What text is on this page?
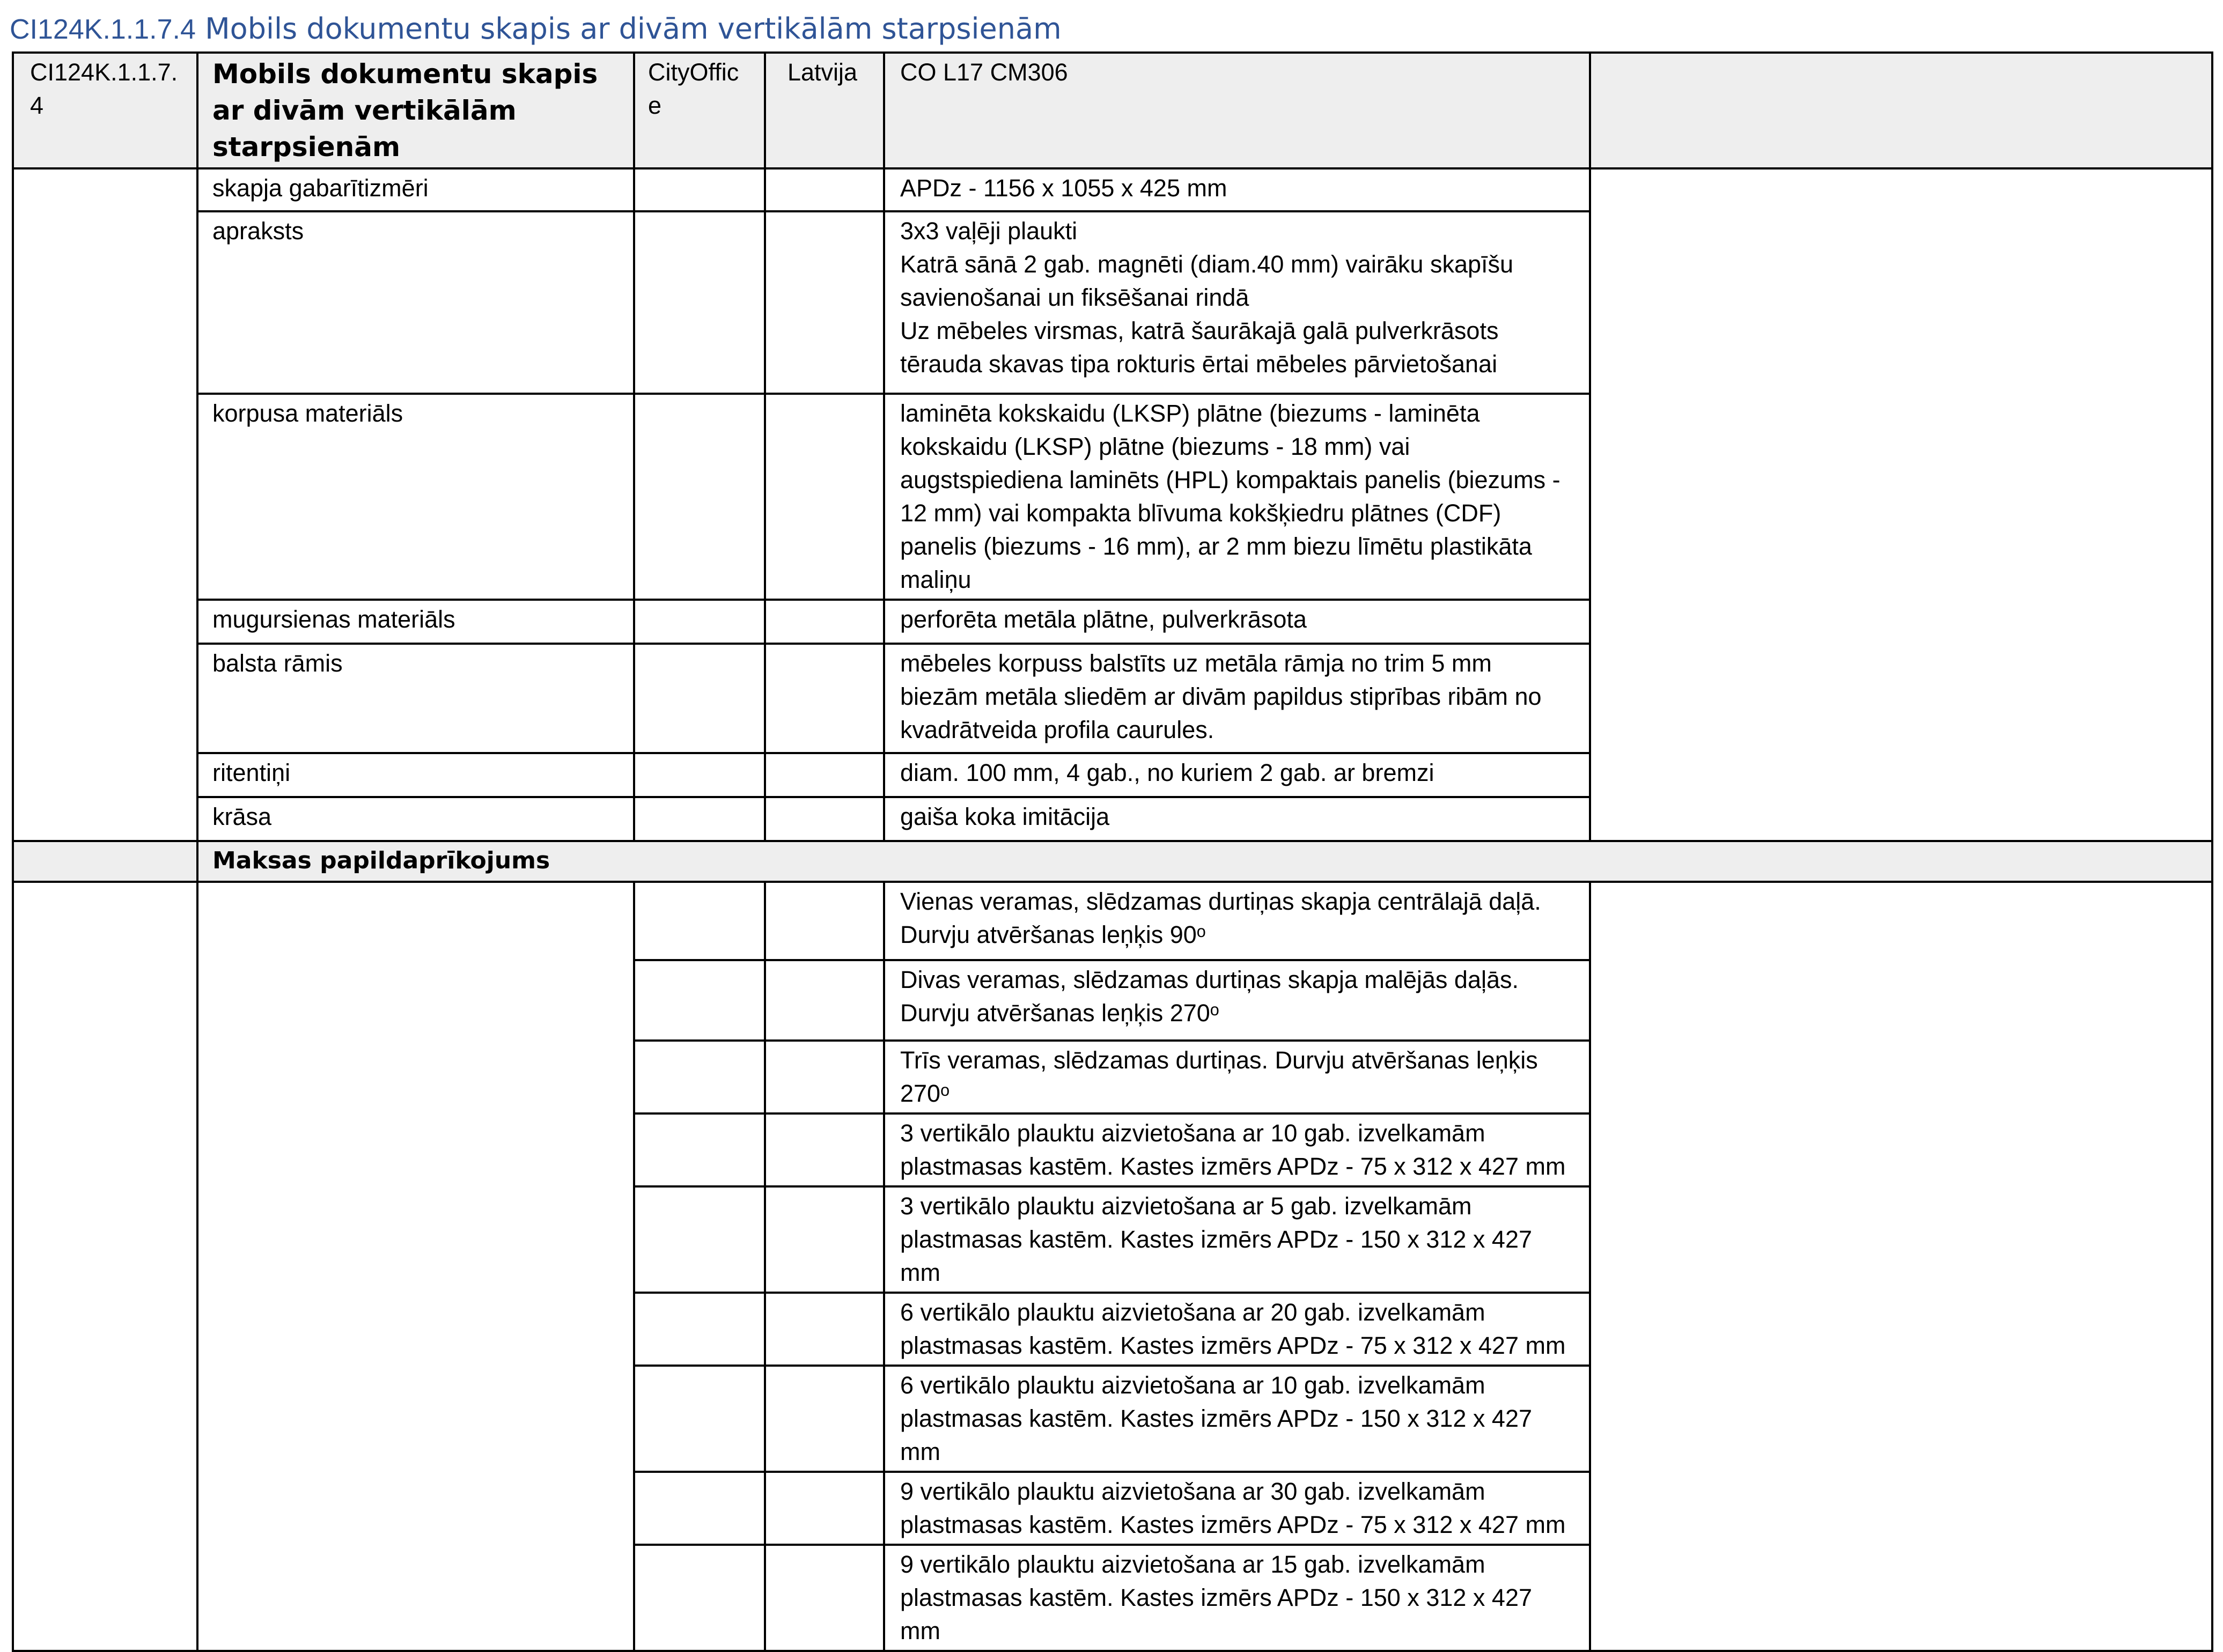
CI124K.1.1.7.4 Mobils dokumentu skapis ar divām vertikālām starpsienām
CI124K.1.1.7.4	Mobils dokumentu skapis ar divām vertikālām starpsienām	CityOffice	Latvija	CO L17 CM306	
	skapja gabarītizmēri			APDz - 1156 x 1055 x 425 mm	
	apraksts			3x3 vaļēji plaukti
Katrā sānā 2 gab. magnēti (diam.40 mm) vairāku skapīšu savienošanai un fiksēšanai rindā
Uz mēbeles virsmas, katrā šaurākajā galā pulverkrāsots tērauda skavas tipa rokturis ērtai mēbeles pārvietošanai	
	korpusa materiāls			laminēta kokskaidu (LKSP) plātne (biezums - laminēta kokskaidu (LKSP) plātne (biezums - 18 mm) vai augstspiediena laminēts (HPL) kompaktais panelis (biezums - 12 mm) vai kompakta blīvuma kokšķiedru plātnes (CDF) panelis (biezums - 16 mm), ar 2 mm biezu līmētu plastikāta maliņu	
	mugursienas materiāls			perforēta metāla plātne, pulverkrāsota	
	balsta rāmis			mēbeles korpuss balstīts uz metāla rāmja no trim 5 mm biezām metāla sliedēm ar divām papildus stiprības ribām no kvadrātveida profila caurules.	
	ritentiņi			diam. 100 mm, 4 gab., no kuriem 2 gab. ar bremzi	
	krāsa			gaiša koka imitācija	
	Maksas papildaprīkojums				
				Vienas veramas, slēdzamas durtiņas skapja centrālajā daļā. Durvju atvēršanas leņķis 90ᵒ	
				Divas veramas, slēdzamas durtiņas skapja malējās daļās. Durvju atvēršanas leņķis 270ᵒ	
				Trīs veramas, slēdzamas durtiņas. Durvju atvēršanas leņķis 270ᵒ	
				3 vertikālo plauktu aizvietošana ar 10 gab. izvelkamām plastmasas kastēm. Kastes izmērs APDz - 75 x 312 x 427 mm	
				3 vertikālo plauktu aizvietošana ar 5 gab. izvelkamām plastmasas kastēm. Kastes izmērs APDz - 150 x 312 x 427 mm	
				6 vertikālo plauktu aizvietošana ar 20 gab. izvelkamām plastmasas kastēm. Kastes izmērs APDz - 75 x 312 x 427 mm	
				6 vertikālo plauktu aizvietošana ar 10 gab. izvelkamām plastmasas kastēm. Kastes izmērs APDz - 150 x 312 x 427 mm	
				9 vertikālo plauktu aizvietošana ar 30 gab. izvelkamām plastmasas kastēm. Kastes izmērs APDz - 75 x 312 x 427 mm	
				9 vertikālo plauktu aizvietošana ar 15 gab. izvelkamām plastmasas kastēm. Kastes izmērs APDz - 150 x 312 x 427 mm	
